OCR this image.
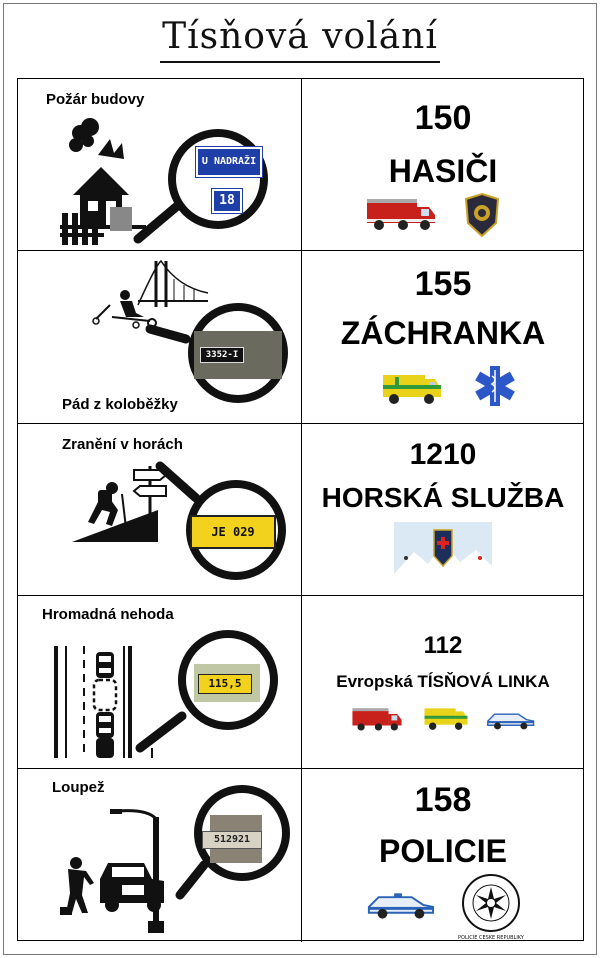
Tísňová volání
Požár budovy
U NADRAŽI
18
150
HASIČI
3352-I
Pád z koloběžky
155
ZÁCHRANKA
Zranění v horách
JE 029
1210
HORSKÁ SLUŽBA
Hromadná nehoda
115,5
112
Evropská TÍSŇOVÁ LINKA
Loupež
512921
158
POLICIE
POLICIE ČESKÉ REPUBLIKY
